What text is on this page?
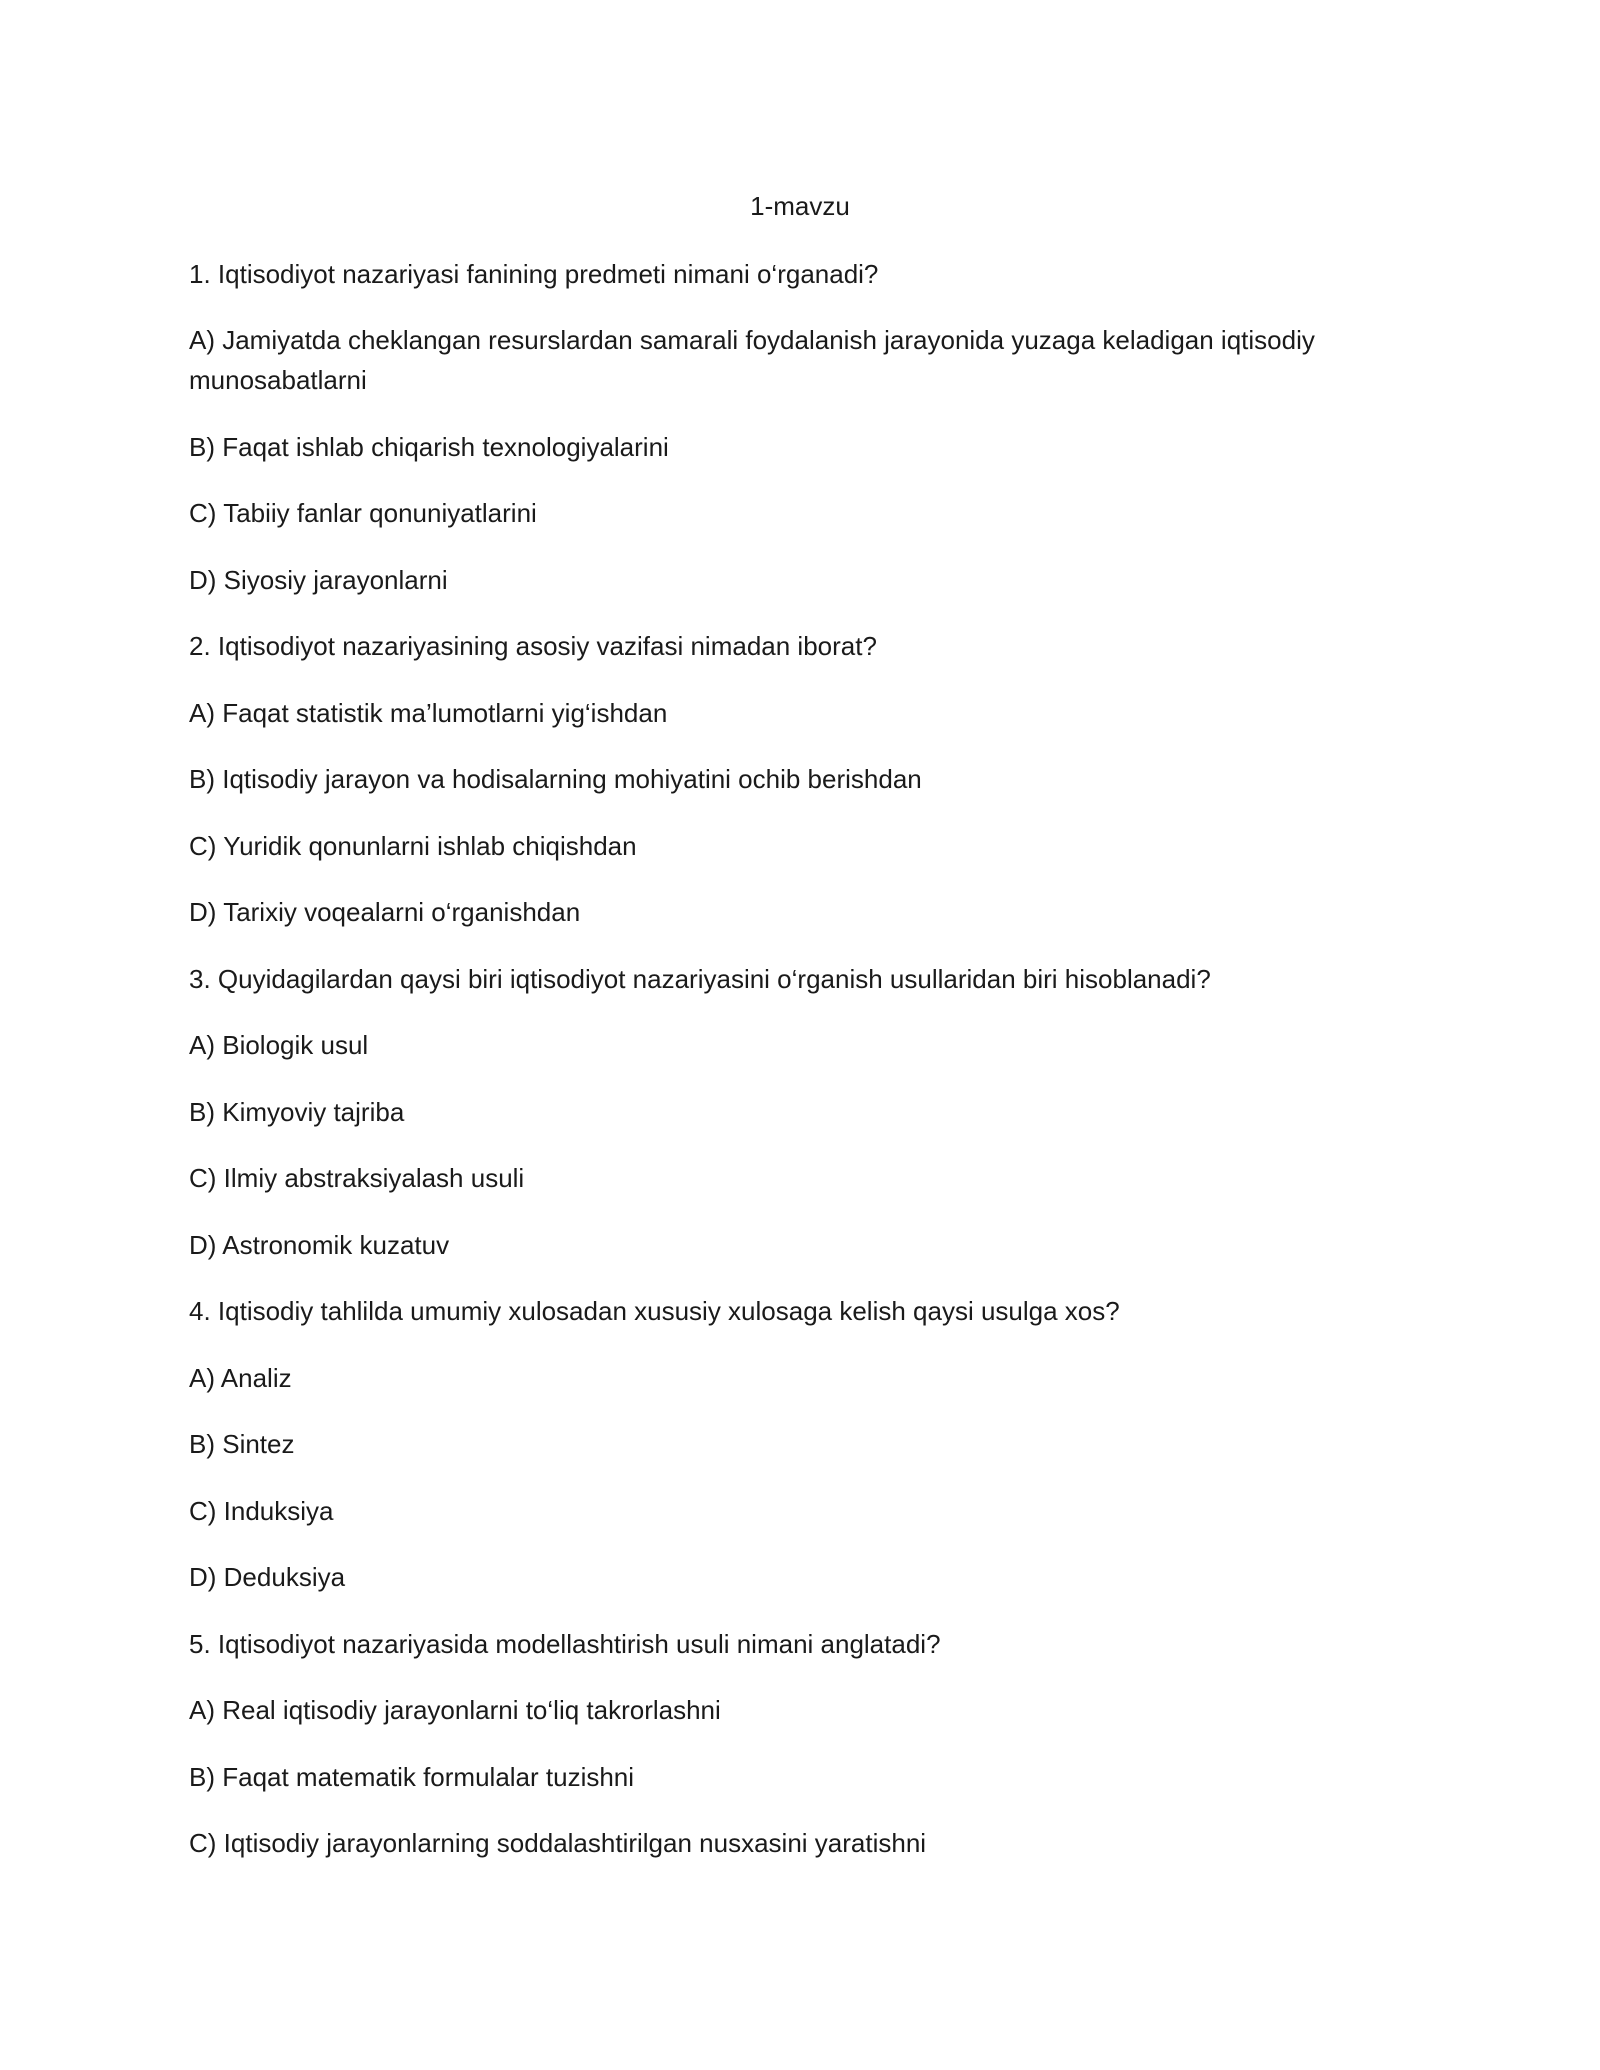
1-mavzu

1. Iqtisodiyot nazariyasi fanining predmeti nimani o‘rganadi?

A) Jamiyatda cheklangan resurslardan samarali foydalanish jarayonida yuzaga keladigan iqtisodiy munosabatlarni

B) Faqat ishlab chiqarish texnologiyalarini

C) Tabiiy fanlar qonuniyatlarini

D) Siyosiy jarayonlarni

2. Iqtisodiyot nazariyasining asosiy vazifasi nimadan iborat?

A) Faqat statistik ma’lumotlarni yig‘ishdan

B) Iqtisodiy jarayon va hodisalarning mohiyatini ochib berishdan

C) Yuridik qonunlarni ishlab chiqishdan

D) Tarixiy voqealarni o‘rganishdan

3. Quyidagilardan qaysi biri iqtisodiyot nazariyasini o‘rganish usullaridan biri hisoblanadi?

A) Biologik usul

B) Kimyoviy tajriba

C) Ilmiy abstraksiyalash usuli

D) Astronomik kuzatuv

4. Iqtisodiy tahlilda umumiy xulosadan xususiy xulosaga kelish qaysi usulga xos?

A) Analiz

B) Sintez

C) Induksiya

D) Deduksiya

5. Iqtisodiyot nazariyasida modellashtirish usuli nimani anglatadi?

A) Real iqtisodiy jarayonlarni to‘liq takrorlashni

B) Faqat matematik formulalar tuzishni

C) Iqtisodiy jarayonlarning soddalashtirilgan nusxasini yaratishni
